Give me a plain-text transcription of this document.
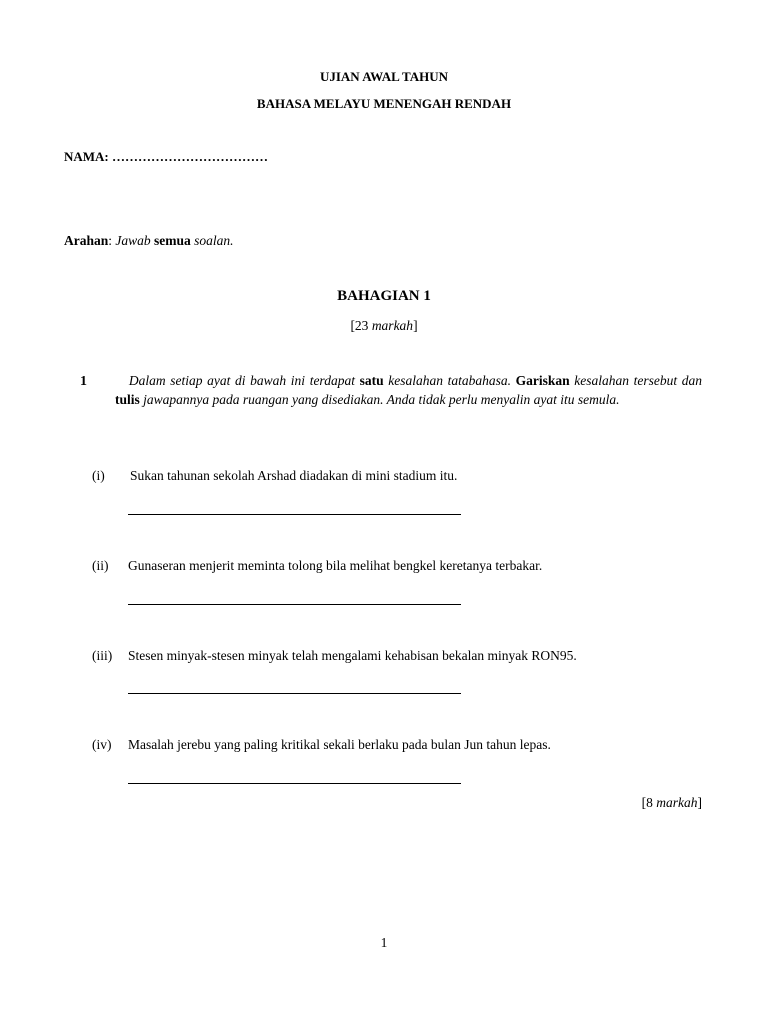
UJIAN AWAL TAHUN
BAHASA MELAYU MENENGAH RENDAH
NAMA: ………………………………
Arahan: Jawab semua soalan.
BAHAGIAN 1
[23 markah]
1	Dalam setiap ayat di bawah ini terdapat satu kesalahan tatabahasa. Gariskan kesalahan tersebut dan tulis jawapannya pada ruangan yang disediakan. Anda tidak perlu menyalin ayat itu semula.
(i) Sukan tahunan sekolah Arshad diadakan di mini stadium itu.
(ii) Gunaseran menjerit meminta tolong bila melihat bengkel keretanya terbakar.
(iii) Stesen minyak-stesen minyak telah mengalami kehabisan bekalan minyak RON95.
(iv) Masalah jerebu yang paling kritikal sekali berlaku pada bulan Jun tahun lepas.
[8 markah]
1
